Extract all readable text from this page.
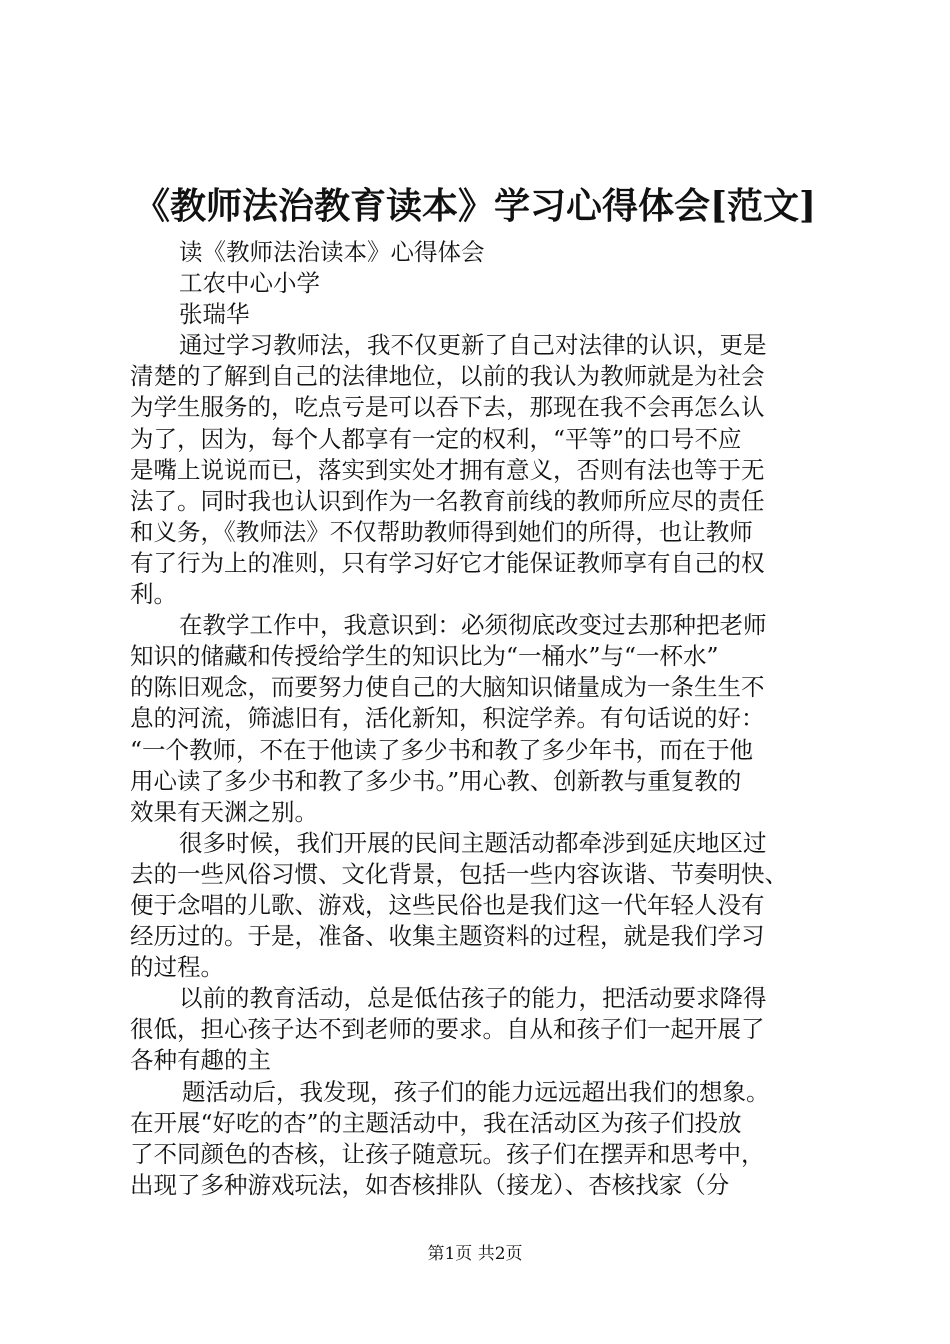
《教师法治教育读本》学习心得体会[范文]
读《教师法治读本》心得体会
工农中心小学
张瑞华
通过学习教师法，我不仅更新了自己对法律的认识，更是
清楚的了解到自己的法律地位，以前的我认为教师就是为社会
为学生服务的，吃点亏是可以吞下去，那现在我不会再怎么认
为了，因为，每个人都享有一定的权利，“平等”的口号不应
是嘴上说说而已，落实到实处才拥有意义，否则有法也等于无
法了。同时我也认识到作为一名教育前线的教师所应尽的责任
和义务，《教师法》不仅帮助教师得到她们的所得，也让教师
有了行为上的准则，只有学习好它才能保证教师享有自己的权
利。
在教学工作中，我意识到：必须彻底改变过去那种把老师
知识的储藏和传授给学生的知识比为“一桶水”与“一杯水”
的陈旧观念，而要努力使自己的大脑知识储量成为一条生生不
息的河流，筛滤旧有，活化新知，积淀学养。有句话说的好：
“一个教师，不在于他读了多少书和教了多少年书，而在于他
用心读了多少书和教了多少书。”用心教、创新教与重复教的
效果有天渊之别。
很多时候，我们开展的民间主题活动都牵涉到延庆地区过
去的一些风俗习惯、文化背景，包括一些内容诙谐、节奏明快、
便于念唱的儿歌、游戏，这些民俗也是我们这一代年轻人没有
经历过的。于是，准备、收集主题资料的过程，就是我们学习
的过程。
以前的教育活动，总是低估孩子的能力，把活动要求降得
很低，担心孩子达不到老师的要求。自从和孩子们一起开展了
各种有趣的主
题活动后，我发现，孩子们的能力远远超出我们的想象。
在开展“好吃的杏”的主题活动中，我在活动区为孩子们投放
了不同颜色的杏核，让孩子随意玩。孩子们在摆弄和思考中，
出现了多种游戏玩法，如杏核排队（接龙）、杏核找家（分
第1页 共2页
